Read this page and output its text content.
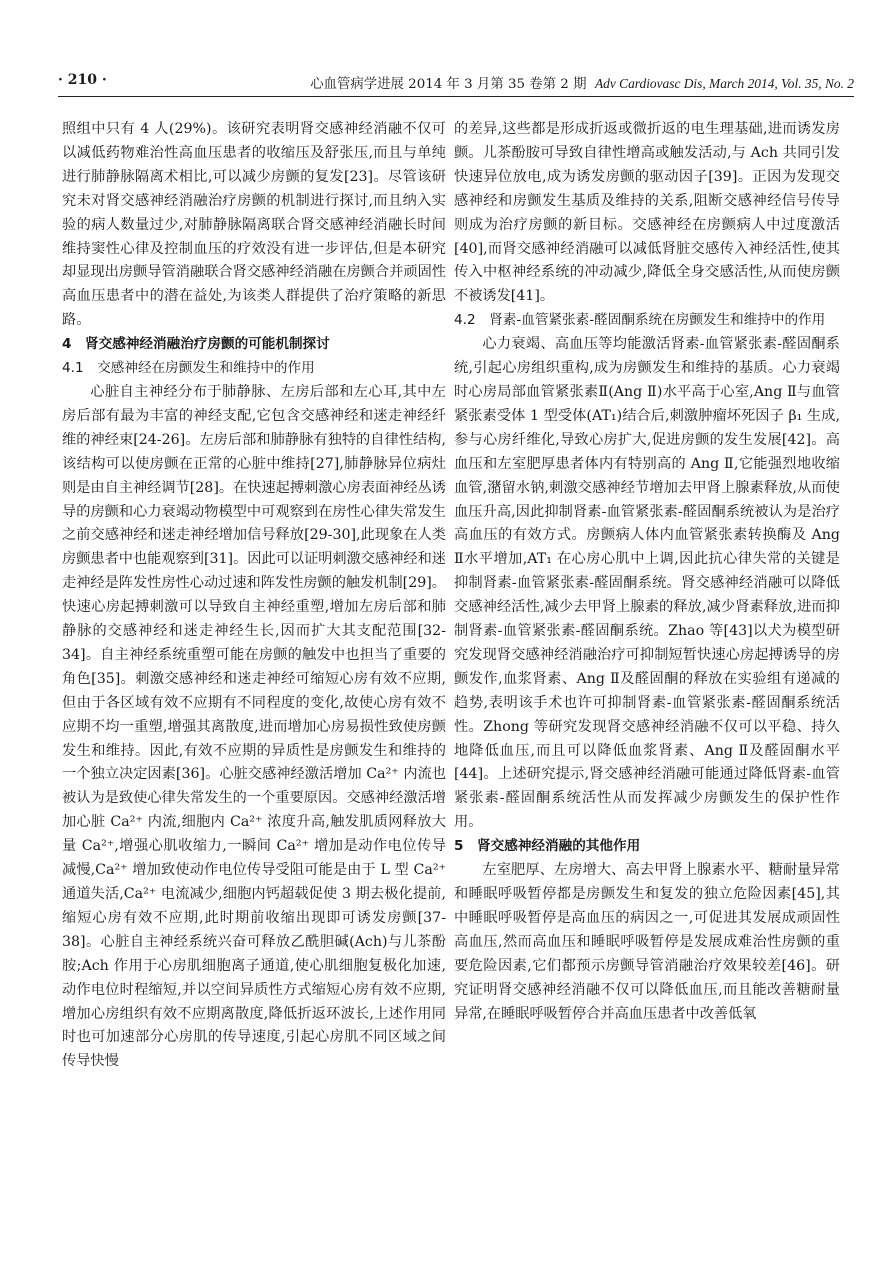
· 210 ·	心血管病学进展 2014 年 3 月第 35 卷第 2 期 Adv Cardiovasc Dis, March 2014, Vol. 35, No. 2

照组中只有 4 人(29%)。该研究表明肾交感神经消融不仅可以减低药物难治性高血压患者的收缩压及舒张压,而且与单纯进行肺静脉隔离术相比,可以减少房颤的复发[23]。尽管该研究未对肾交感神经消融治疗房颤的机制进行探讨,而且纳入实验的病人数量过少,对肺静脉隔离联合肾交感神经消融长时间维持窦性心律及控制血压的疗效没有进一步评估,但是本研究却显现出房颤导管消融联合肾交感神经消融在房颤合并顽固性高血压患者中的潜在益处,为该类人群提供了治疗策略的新思路。

4　肾交感神经消融治疗房颤的可能机制探讨
4.1　交感神经在房颤发生和维持中的作用

心脏自主神经分布于肺静脉、左房后部和左心耳,其中左房后部有最为丰富的神经支配,它包含交感神经和迷走神经纤维的神经束[24-26]。左房后部和肺静脉有独特的自律性结构,该结构可以使房颤在正常的心脏中维持[27],肺静脉异位病灶则是由自主神经调节[28]。在快速起搏刺激心房表面神经丛诱导的房颤和心力衰竭动物模型中可观察到在房性心律失常发生之前交感神经和迷走神经增加信号释放[29-30],此现象在人类房颤患者中也能观察到[31]。因此可以证明刺激交感神经和迷走神经是阵发性房性心动过速和阵发性房颤的触发机制[29]。快速心房起搏刺激可以导致自主神经重塑,增加左房后部和肺静脉的交感神经和迷走神经生长,因而扩大其支配范围[32-34]。自主神经系统重塑可能在房颤的触发中也担当了重要的角色[35]。刺激交感神经和迷走神经可缩短心房有效不应期,但由于各区域有效不应期有不同程度的变化,故使心房有效不应期不均一重塑,增强其离散度,进而增加心房易损性致使房颤发生和维持。因此,有效不应期的异质性是房颤发生和维持的一个独立决定因素[36]。心脏交感神经激活增加 Ca²⁺ 内流也被认为是致使心律失常发生的一个重要原因。交感神经激活增加心脏 Ca²⁺ 内流,细胞内 Ca²⁺ 浓度升高,触发肌质网释放大量 Ca²⁺,增强心肌收缩力,一瞬间 Ca²⁺ 增加是动作电位传导减慢,Ca²⁺ 增加致使动作电位传导受阻可能是由于 L 型 Ca²⁺ 通道失活,Ca²⁺ 电流减少,细胞内钙超载促使 3 期去极化提前,缩短心房有效不应期,此时期前收缩出现即可诱发房颤[37-38]。心脏自主神经系统兴奋可释放乙酰胆碱(Ach)与儿茶酚胺;Ach 作用于心房肌细胞离子通道,使心肌细胞复极化加速,动作电位时程缩短,并以空间异质性方式缩短心房有效不应期,增加心房组织有效不应期离散度,降低折返环波长,上述作用同时也可加速部分心房肌的传导速度,引起心房肌不同区域之间传导快慢

的差异,这些都是形成折返或微折返的电生理基础,进而诱发房颤。儿茶酚胺可导致自律性增高或触发活动,与 Ach 共同引发快速异位放电,成为诱发房颤的驱动因子[39]。正因为发现交感神经和房颤发生基质及维持的关系,阻断交感神经信号传导则成为治疗房颤的新目标。交感神经在房颤病人中过度激活[40],而肾交感神经消融可以减低肾脏交感传入神经活性,使其传入中枢神经系统的冲动减少,降低全身交感活性,从而使房颤不被诱发[41]。

4.2　肾素-血管紧张素-醛固酮系统在房颤发生和维持中的作用

心力衰竭、高血压等均能激活肾素-血管紧张素-醛固酮系统,引起心房组织重构,成为房颤发生和维持的基质。心力衰竭时心房局部血管紧张素Ⅱ(Ang Ⅱ)水平高于心室,Ang Ⅱ与血管紧张素受体 1 型受体(AT₁)结合后,刺激肿瘤坏死因子 β₁ 生成,参与心房纤维化,导致心房扩大,促进房颤的发生发展[42]。高血压和左室肥厚患者体内有特别高的 Ang Ⅱ,它能强烈地收缩血管,潴留水钠,刺激交感神经节增加去甲肾上腺素释放,从而使血压升高,因此抑制肾素-血管紧张素-醛固酮系统被认为是治疗高血压的有效方式。房颤病人体内血管紧张素转换酶及 Ang Ⅱ水平增加,AT₁ 在心房心肌中上调,因此抗心律失常的关键是抑制肾素-血管紧张素-醛固酮系统。肾交感神经消融可以降低交感神经活性,减少去甲肾上腺素的释放,减少肾素释放,进而抑制肾素-血管紧张素-醛固酮系统。Zhao 等[43]以犬为模型研究发现肾交感神经消融治疗可抑制短暂快速心房起搏诱导的房颤发作,血浆肾素、Ang Ⅱ及醛固酮的释放在实验组有递减的趋势,表明该手术也许可抑制肾素-血管紧张素-醛固酮系统活性。Zhong 等研究发现肾交感神经消融不仅可以平稳、持久地降低血压,而且可以降低血浆肾素、Ang Ⅱ及醛固酮水平[44]。上述研究提示,肾交感神经消融可能通过降低肾素-血管紧张素-醛固酮系统活性从而发挥减少房颤发生的保护性作用。

5　肾交感神经消融的其他作用

左室肥厚、左房增大、高去甲肾上腺素水平、糖耐量异常和睡眠呼吸暂停都是房颤发生和复发的独立危险因素[45],其中睡眠呼吸暂停是高血压的病因之一,可促进其发展成顽固性高血压,然而高血压和睡眠呼吸暂停是发展成难治性房颤的重要危险因素,它们都预示房颤导管消融治疗效果较差[46]。研究证明肾交感神经消融不仅可以降低血压,而且能改善糖耐量异常,在睡眠呼吸暂停合并高血压患者中改善低氧
